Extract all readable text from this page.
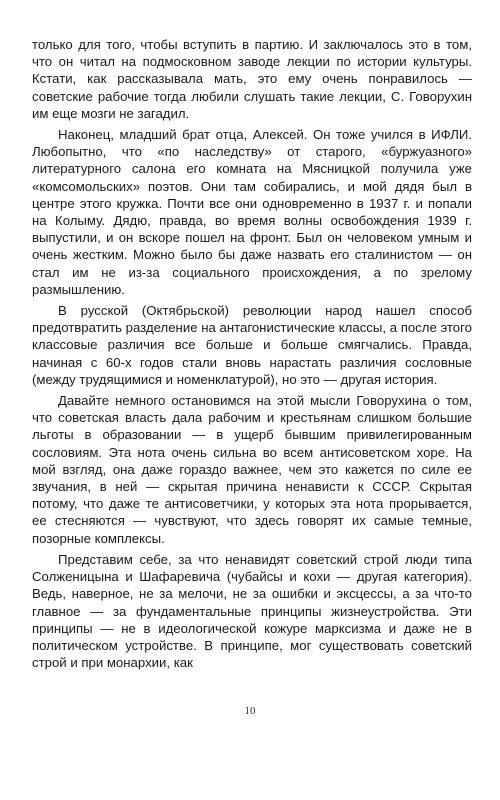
только для того, чтобы вступить в партию. И заключалось это в том, что он читал на подмосковном заводе лекции по истории культуры. Кстати, как рассказывала мать, это ему очень понравилось — советские рабочие тогда любили слушать такие лекции, С. Говорухин им еще мозги не загадил.

Наконец, младший брат отца, Алексей. Он тоже учился в ИФЛИ. Любопытно, что «по наследству» от старого, «буржуазного» литературного салона его комната на Мясницкой получила уже «комсомольских» поэтов. Они там собирались, и мой дядя был в центре этого кружка. Почти все они одновременно в 1937 г. и попали на Колыму. Дядю, правда, во время волны освобождения 1939 г. выпустили, и он вскоре пошел на фронт. Был он человеком умным и очень жестким. Можно было бы даже назвать его сталинистом — он стал им не из-за социального происхождения, а по зрелому размышлению.

В русской (Октябрьской) революции народ нашел способ предотвратить разделение на антагонистические классы, а после этого классовые различия все больше и больше смягчались. Правда, начиная с 60-х годов стали вновь нарастать различия сословные (между трудящимися и номенклатурой), но это — другая история.

Давайте немного остановимся на этой мысли Говорухина о том, что советская власть дала рабочим и крестьянам слишком большие льготы в образовании — в ущерб бывшим привилегированным сословиям. Эта нота очень сильна во всем антисоветском хоре. На мой взгляд, она даже гораздо важнее, чем это кажется по силе ее звучания, в ней — скрытая причина ненависти к СССР. Скрытая потому, что даже те антисоветчики, у которых эта нота прорывается, ее стесняются — чувствуют, что здесь говорят их самые темные, позорные комплексы.

Представим себе, за что ненавидят советский строй люди типа Солженицына и Шафаревича (чубайсы и кохи — другая категория). Ведь, наверное, не за мелочи, не за ошибки и эксцессы, а за что-то главное — за фундаментальные принципы жизнеустройства. Эти принципы — не в идеологической кожуре марксизма и даже не в политическом устройстве. В принципе, мог существовать советский строй и при монархии, как

10
